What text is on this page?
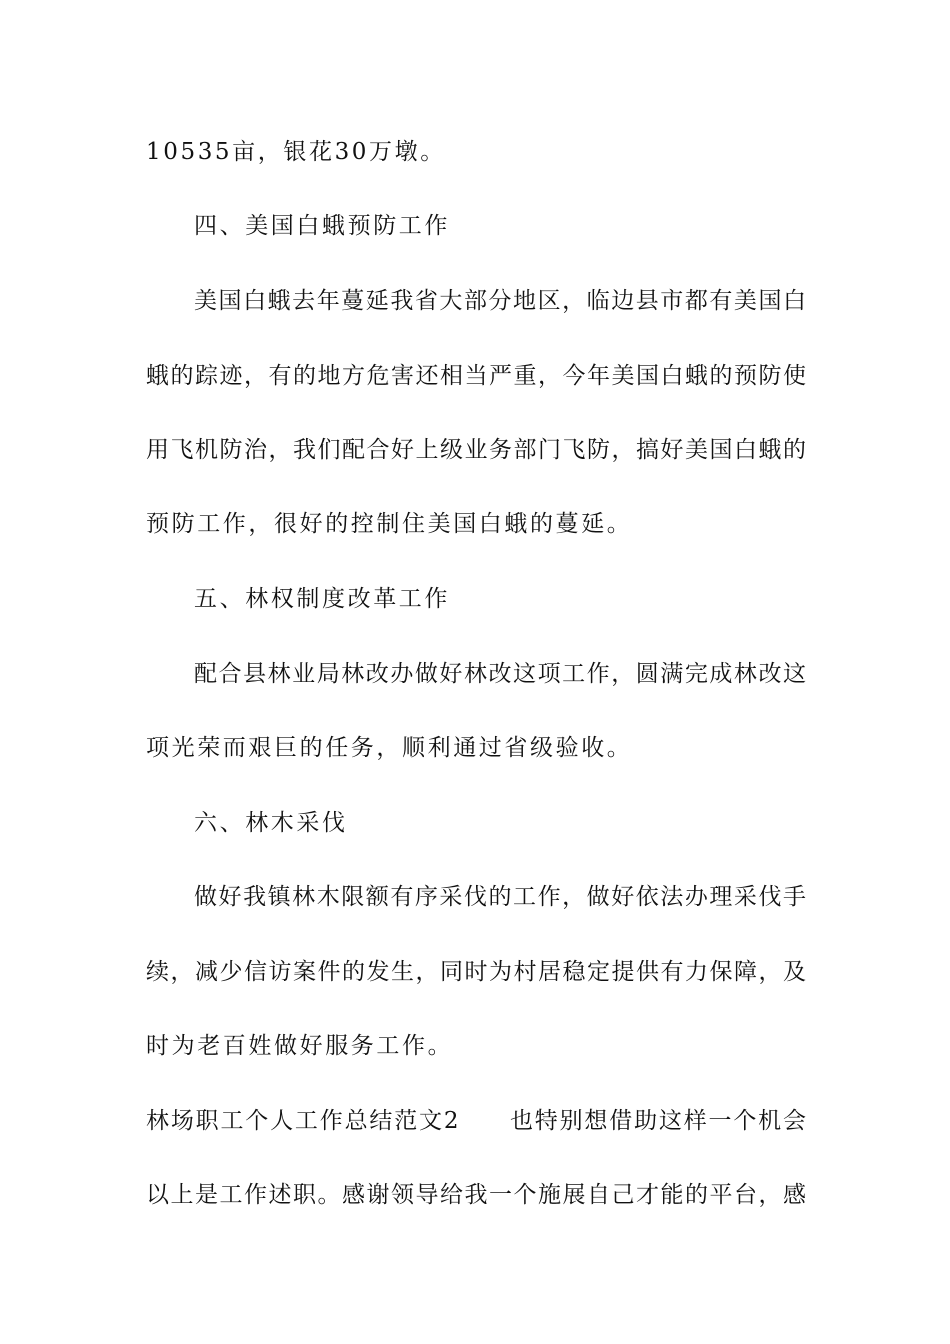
10535亩，银花30万墩。
四、美国白蛾预防工作
美国白蛾去年蔓延我省大部分地区，临边县市都有美国白
蛾的踪迹，有的地方危害还相当严重，今年美国白蛾的预防使
用飞机防治，我们配合好上级业务部门飞防，搞好美国白蛾的
预防工作，很好的控制住美国白蛾的蔓延。
五、林权制度改革工作
配合县林业局林改办做好林改这项工作，圆满完成林改这
项光荣而艰巨的任务，顺利通过省级验收。
六、林木采伐
做好我镇林木限额有序采伐的工作，做好依法办理采伐手
续，减少信访案件的发生，同时为村居稳定提供有力保障，及
时为老百姓做好服务工作。
林场职工个人工作总结范文2　　也特别想借助这样一个机会
以上是工作述职。感谢领导给我一个施展自己才能的平台，感
